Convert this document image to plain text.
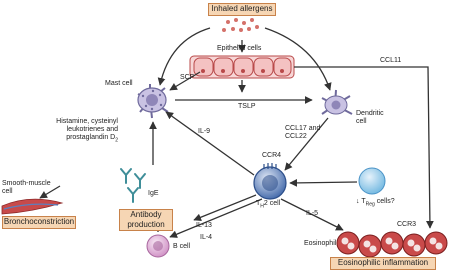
Inhaled allergens
Epithelial cells
CCL11
SCF
Mast cell
TSLP
Dendritic cell
Histamine, cysteinyl leukotrienes and prostaglandin $D_2$
IL-9	CCL17 and CCL22
CCR4
Smooth-muscle cell
Bronchoconstriction
IgE
↓ $T_{Reg}$ cells?
$T_H2$ cell
Antibody production	IL-13
IL-4
IL-5
B cell
CCR3
Eosinophil
Eosinophilic inflammation
